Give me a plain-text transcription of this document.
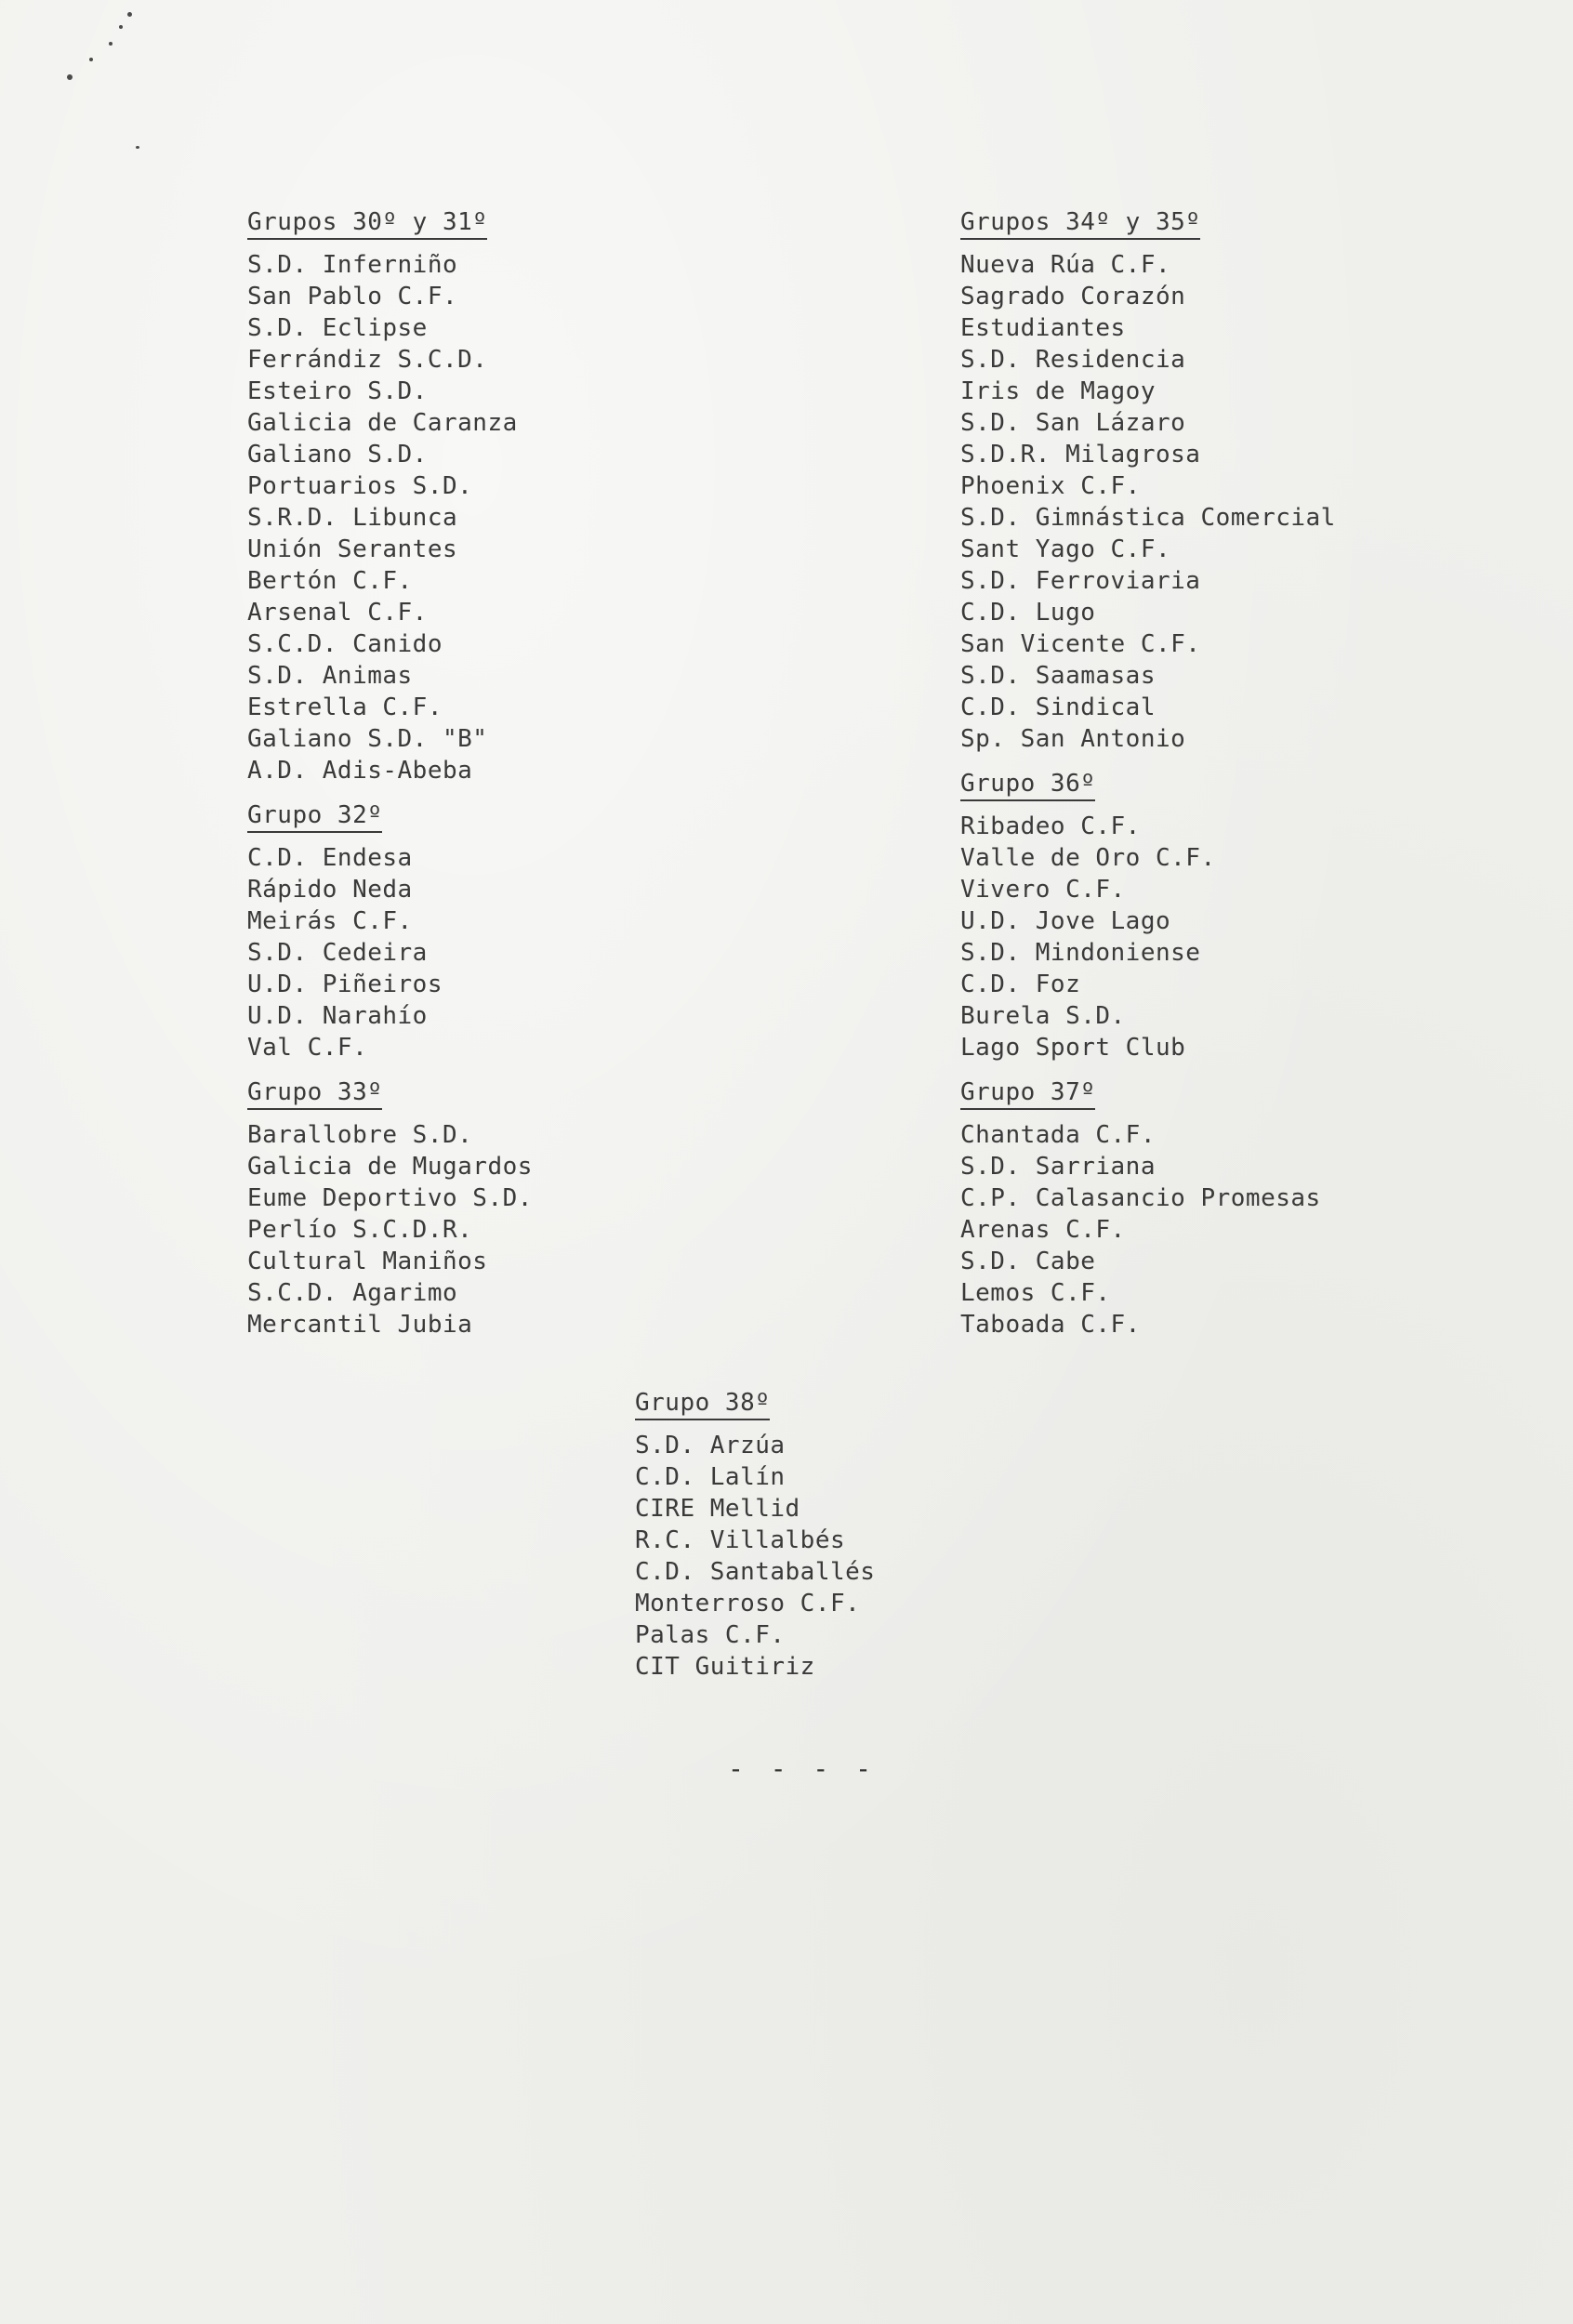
Grupos 30º y 31º
S.D. Inferniño
San Pablo C.F.
S.D. Eclipse
Ferrándiz S.C.D.
Esteiro S.D.
Galicia de Caranza
Galiano S.D.
Portuarios S.D.
S.R.D. Libunca
Unión Serantes
Bertón C.F.
Arsenal C.F.
S.C.D. Canido
S.D. Animas
Estrella C.F.
Galiano S.D. "B"
A.D. Adis-Abeba
Grupo 32º
C.D. Endesa
Rápido Neda
Meirás C.F.
S.D. Cedeira
U.D. Piñeiros
U.D. Narahío
Val C.F.
Grupo 33º
Barallobre S.D.
Galicia de Mugardos
Eume Deportivo S.D.
Perlío S.C.D.R.
Cultural Maniños
S.C.D. Agarimo
Mercantil Jubia
Grupos 34º y 35º
Nueva Rúa C.F.
Sagrado Corazón
Estudiantes
S.D. Residencia
Iris de Magoy
S.D. San Lázaro
S.D.R. Milagrosa
Phoenix C.F.
S.D. Gimnástica Comercial
Sant Yago C.F.
S.D. Ferroviaria
C.D. Lugo
San Vicente C.F.
S.D. Saamasas
C.D. Sindical
Sp. San Antonio
Grupo 36º
Ribadeo C.F.
Valle de Oro C.F.
Vivero C.F.
U.D. Jove Lago
S.D. Mindoniense
C.D. Foz
Burela S.D.
Lago Sport Club
Grupo 37º
Chantada C.F.
S.D. Sarriana
C.P. Calasancio Promesas
Arenas C.F.
S.D. Cabe
Lemos C.F.
Taboada C.F.
Grupo 38º
S.D. Arzúa
C.D. Lalín
CIRE Mellid
R.C. Villalbés
C.D. Santaballés
Monterroso C.F.
Palas C.F.
CIT Guitiriz
- - - -
